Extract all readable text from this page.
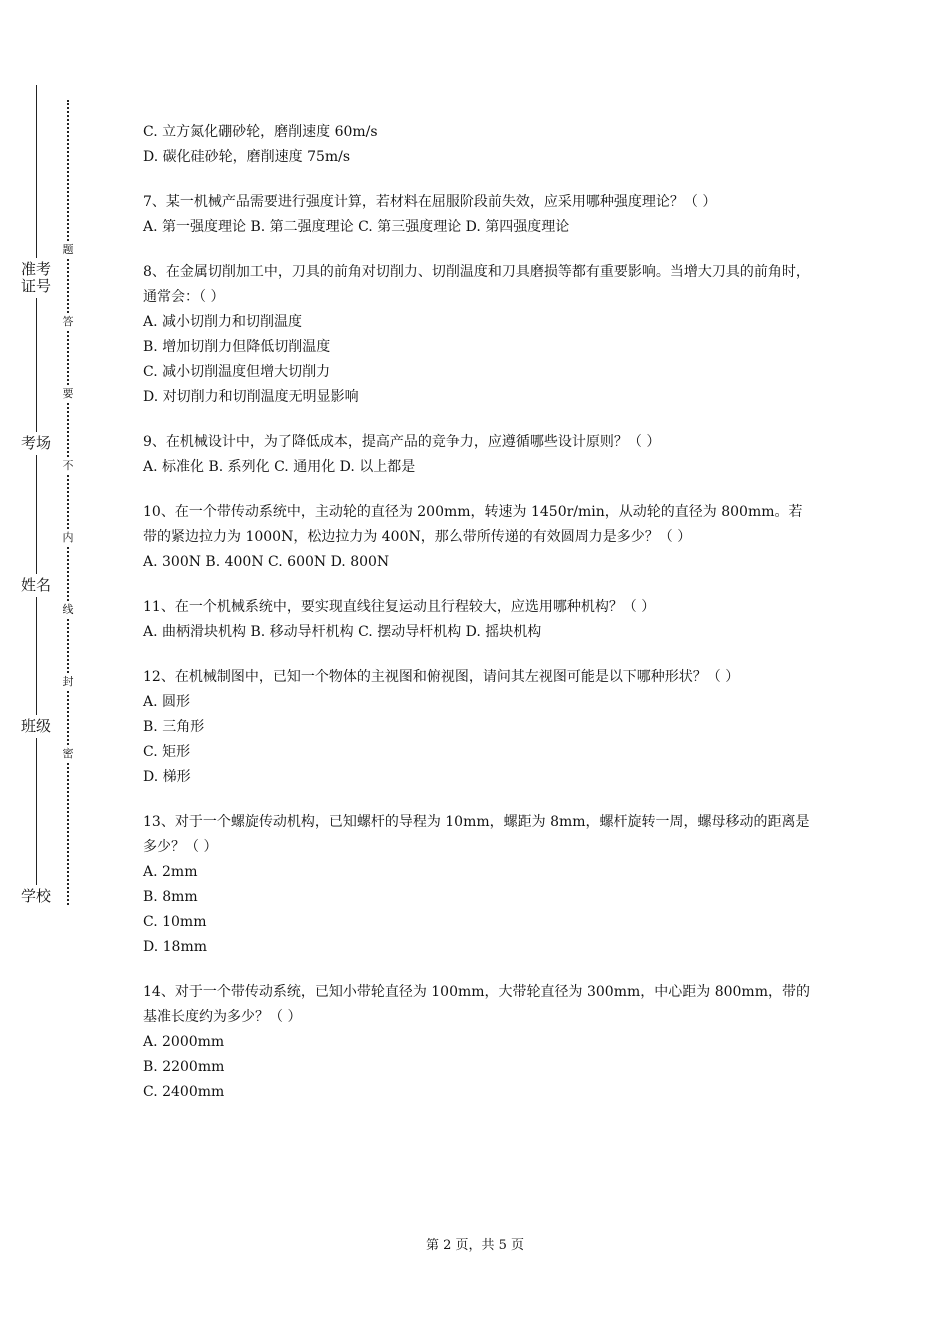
准考证号
考场
姓名
班级
学校
题
答
要
不
内
线
封
密
C. 立方氮化硼砂轮，磨削速度 60m/s
D. 碳化硅砂轮，磨削速度 75m/s
7、某一机械产品需要进行强度计算，若材料在屈服阶段前失效，应采用哪种强度理论？（ ）
A. 第一强度理论 B. 第二强度理论 C. 第三强度理论 D. 第四强度理论
8、在金属切削加工中，刀具的前角对切削力、切削温度和刀具磨损等都有重要影响。当增大刀具的前角时，通常会：（ ）
A. 减小切削力和切削温度
B. 增加切削力但降低切削温度
C. 减小切削温度但增大切削力
D. 对切削力和切削温度无明显影响
9、在机械设计中，为了降低成本，提高产品的竞争力，应遵循哪些设计原则？（ ）
A. 标准化 B. 系列化 C. 通用化 D. 以上都是
10、在一个带传动系统中，主动轮的直径为 200mm，转速为 1450r/min，从动轮的直径为 800mm。若带的紧边拉力为 1000N，松边拉力为 400N，那么带所传递的有效圆周力是多少？（ ）
A. 300N B. 400N C. 600N D. 800N
11、在一个机械系统中，要实现直线往复运动且行程较大，应选用哪种机构？（ ）
A. 曲柄滑块机构 B. 移动导杆机构 C. 摆动导杆机构 D. 摇块机构
12、在机械制图中，已知一个物体的主视图和俯视图，请问其左视图可能是以下哪种形状？（ ）
A. 圆形
B. 三角形
C. 矩形
D. 梯形
13、对于一个螺旋传动机构，已知螺杆的导程为 10mm，螺距为 8mm，螺杆旋转一周，螺母移动的距离是多少？（ ）
A. 2mm
B. 8mm
C. 10mm
D. 18mm
14、对于一个带传动系统，已知小带轮直径为 100mm，大带轮直径为 300mm，中心距为 800mm，带的基准长度约为多少？（ ）
A. 2000mm
B. 2200mm
C. 2400mm
第 2 页，共 5 页
